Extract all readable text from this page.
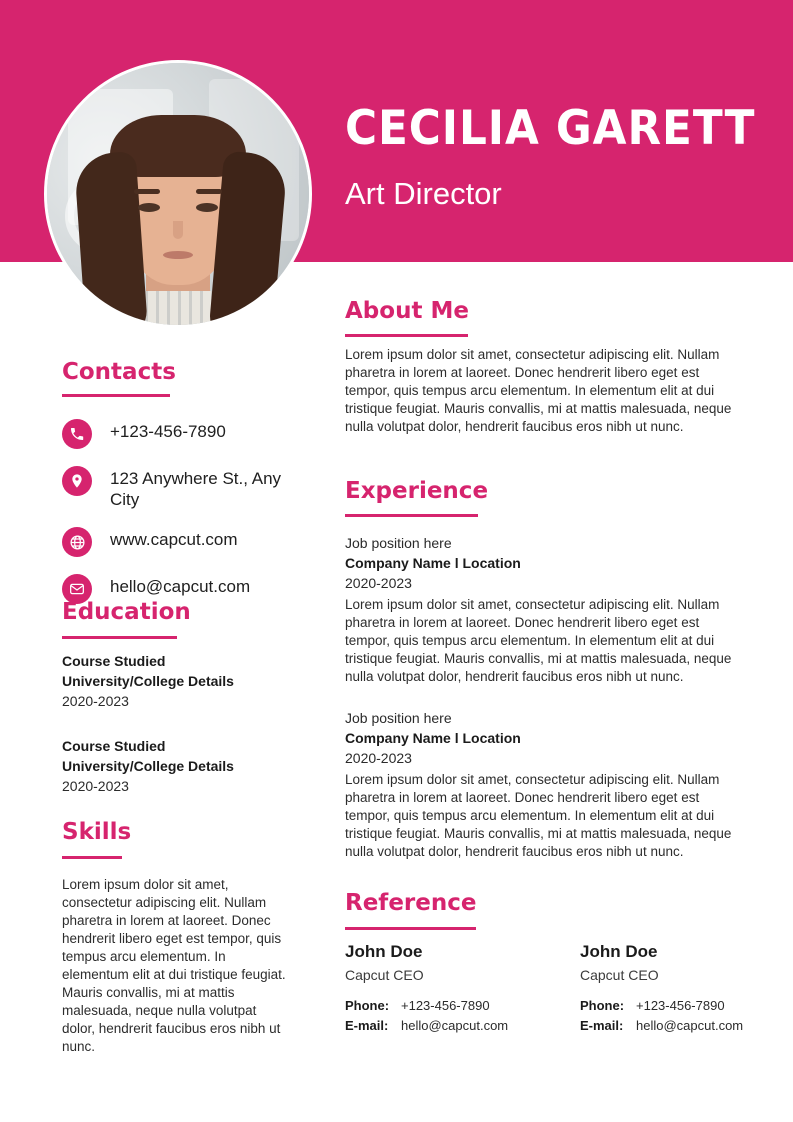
CECILIA GARETT
Art Director
Contacts
+123-456-7890
123 Anywhere St., Any City
www.capcut.com
hello@capcut.com
Education
Course Studied
University/College Details
2020-2023
Course Studied
University/College Details
2020-2023
Skills
Lorem ipsum dolor sit amet, consectetur adipiscing elit. Nullam pharetra in lorem at laoreet. Donec hendrerit libero eget est tempor, quis tempus arcu elementum. In elementum elit at dui tristique feugiat. Mauris convallis, mi at mattis malesuada, neque nulla volutpat dolor, hendrerit faucibus eros nibh ut nunc.
About Me
Lorem ipsum dolor sit amet, consectetur adipiscing elit. Nullam pharetra in lorem at laoreet. Donec hendrerit libero eget est tempor, quis tempus arcu elementum. In elementum elit at dui tristique feugiat. Mauris convallis, mi at mattis malesuada, neque nulla volutpat dolor, hendrerit faucibus eros nibh ut nunc.
Experience
Job position here
Company Name l Location
2020-2023
Lorem ipsum dolor sit amet, consectetur adipiscing elit. Nullam pharetra in lorem at laoreet. Donec hendrerit libero eget est tempor, quis tempus arcu elementum. In elementum elit at dui tristique feugiat. Mauris convallis, mi at mattis malesuada, neque nulla volutpat dolor, hendrerit faucibus eros nibh ut nunc.
Job position here
Company Name l Location
2020-2023
Lorem ipsum dolor sit amet, consectetur adipiscing elit. Nullam pharetra in lorem at laoreet. Donec hendrerit libero eget est tempor, quis tempus arcu elementum. In elementum elit at dui tristique feugiat. Mauris convallis, mi at mattis malesuada, neque nulla volutpat dolor, hendrerit faucibus eros nibh ut nunc.
Reference
John Doe
Capcut CEO
Phone: +123-456-7890
E-mail: hello@capcut.com
John Doe
Capcut CEO
Phone: +123-456-7890
E-mail: hello@capcut.com
